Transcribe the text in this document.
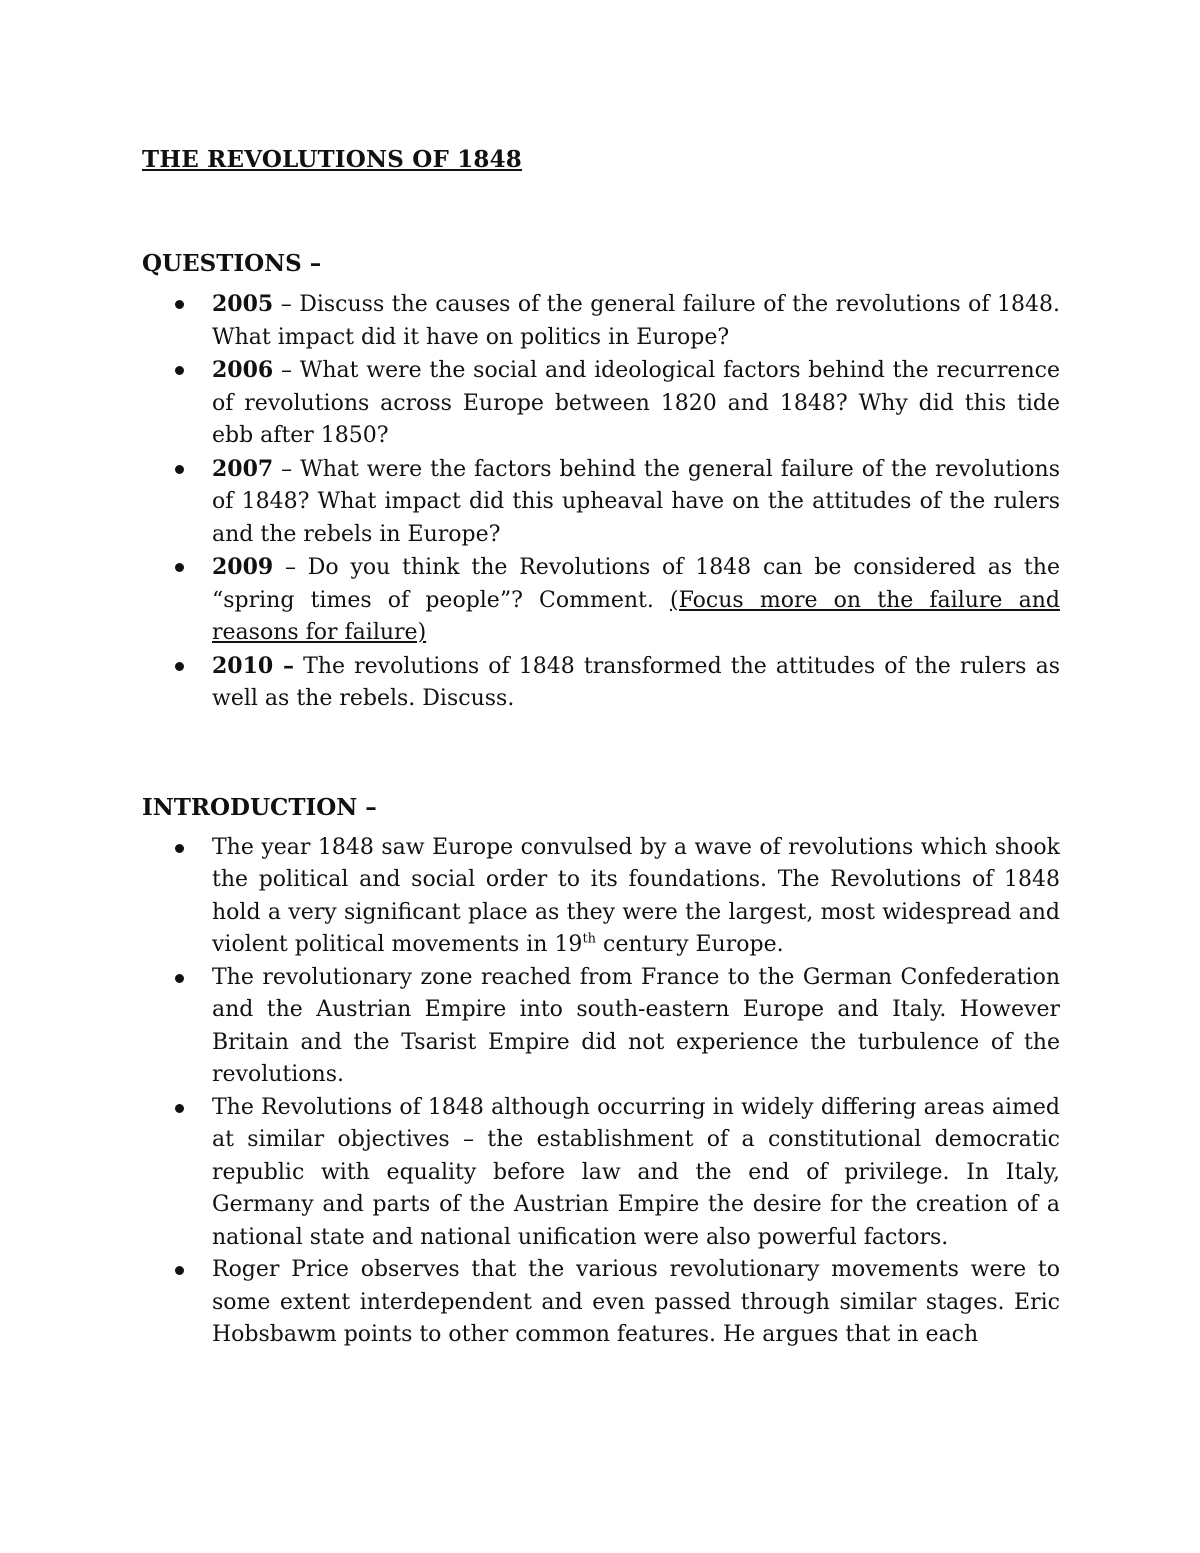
THE REVOLUTIONS OF 1848

QUESTIONS –

2005 – Discuss the causes of the general failure of the revolutions of 1848. What impact did it have on politics in Europe?
2006 – What were the social and ideological factors behind the recurrence of revolutions across Europe between 1820 and 1848? Why did this tide ebb after 1850?
2007 – What were the factors behind the general failure of the revolutions of 1848? What impact did this upheaval have on the attitudes of the rulers and the rebels in Europe?
2009 – Do you think the Revolutions of 1848 can be considered as the “spring times of people”? Comment. (Focus more on the failure and reasons for failure)
2010 – The revolutions of 1848 transformed the attitudes of the rulers as well as the rebels. Discuss.

INTRODUCTION –

The year 1848 saw Europe convulsed by a wave of revolutions which shook the political and social order to its foundations. The Revolutions of 1848 hold a very significant place as they were the largest, most widespread and violent political movements in 19th century Europe.
The revolutionary zone reached from France to the German Confederation and the Austrian Empire into south-eastern Europe and Italy. However Britain and the Tsarist Empire did not experience the turbulence of the revolutions.
The Revolutions of 1848 although occurring in widely differing areas aimed at similar objectives – the establishment of a constitutional democratic republic with equality before law and the end of privilege. In Italy, Germany and parts of the Austrian Empire the desire for the creation of a national state and national unification were also powerful factors.
Roger Price observes that the various revolutionary movements were to some extent interdependent and even passed through similar stages. Eric Hobsbawm points to other common features. He argues that in each
